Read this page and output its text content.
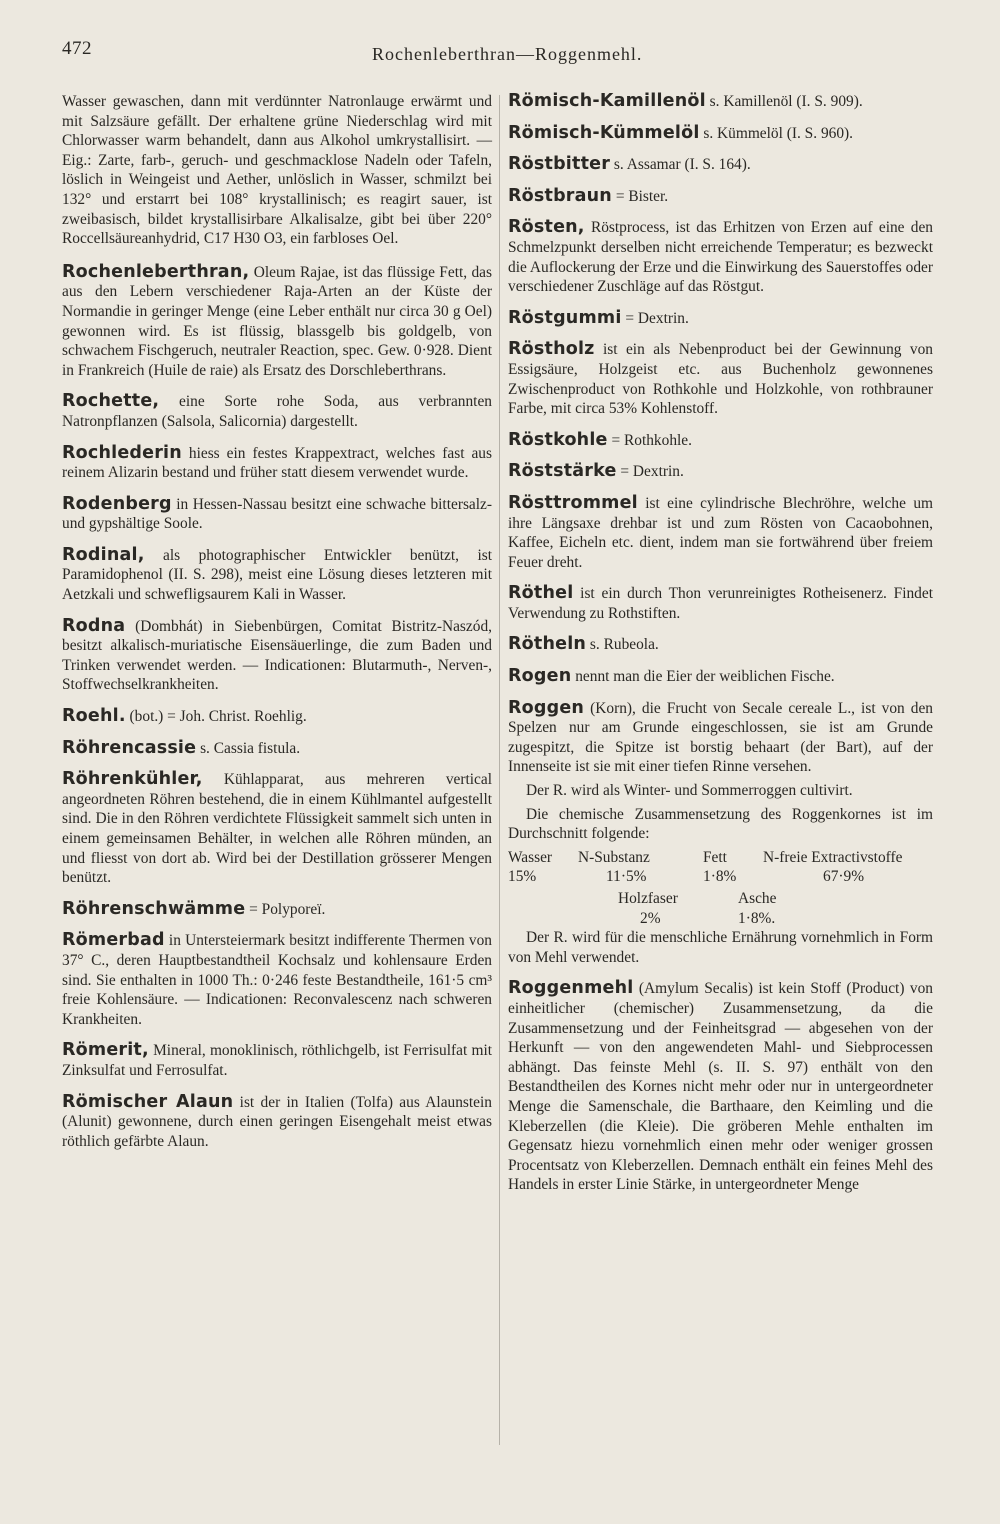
472	Rochenleberthran—Roggenmehl.

Wasser gewaschen, dann mit verdünnter Natronlauge erwärmt und mit Salzsäure gefällt. Der erhaltene grüne Niederschlag wird mit Chlorwasser warm behandelt, dann aus Alkohol umkrystallisirt. — Eig.: Zarte, farb-, geruch- und geschmacklose Nadeln oder Tafeln, löslich in Weingeist und Aether, unlöslich in Wasser, schmilzt bei 132° und erstarrt bei 108° krystallinisch; es reagirt sauer, ist zweibasisch, bildet krystallisirbare Alkalisalze, gibt bei über 220° Roccellsäureanhydrid, C17 H30 O3, ein farbloses Oel.

Rochenleberthran, Oleum Rajae, ist das flüssige Fett, das aus den Lebern verschiedener Raja-Arten an der Küste der Normandie in geringer Menge (eine Leber enthält nur circa 30 g Oel) gewonnen wird. Es ist flüssig, blassgelb bis goldgelb, von schwachem Fischgeruch, neutraler Reaction, spec. Gew. 0·928. Dient in Frankreich (Huile de raie) als Ersatz des Dorschleberthrans.

Rochette, eine Sorte rohe Soda, aus verbrannten Natronpflanzen (Salsola, Salicornia) dargestellt.

Rochlederin hiess ein festes Krappextract, welches fast aus reinem Alizarin bestand und früher statt diesem verwendet wurde.

Rodenberg in Hessen-Nassau besitzt eine schwache bittersalz- und gypshältige Soole.

Rodinal, als photographischer Entwickler benützt, ist Paramidophenol (II. S. 298), meist eine Lösung dieses letzteren mit Aetzkali und schwefligsaurem Kali in Wasser.

Rodna (Dombhát) in Siebenbürgen, Comitat Bistritz-Naszód, besitzt alkalisch-muriatische Eisensäuerlinge, die zum Baden und Trinken verwendet werden. — Indicationen: Blutarmuth-, Nerven-, Stoffwechselkrankheiten.

Roehl. (bot.) = Joh. Christ. Roehlig.

Röhrencassie s. Cassia fistula.

Röhrenkühler, Kühlapparat, aus mehreren vertical angeordneten Röhren bestehend, die in einem Kühlmantel aufgestellt sind. Die in den Röhren verdichtete Flüssigkeit sammelt sich unten in einem gemeinsamen Behälter, in welchen alle Röhren münden, an und fliesst von dort ab. Wird bei der Destillation grösserer Mengen benützt.

Röhrenschwämme = Polyporeï.

Römerbad in Untersteiermark besitzt indifferente Thermen von 37° C., deren Hauptbestandtheil Kochsalz und kohlensaure Erden sind. Sie enthalten in 1000 Th.: 0·246 feste Bestandtheile, 161·5 cm³ freie Kohlensäure. — Indicationen: Reconvalescenz nach schweren Krankheiten.

Römerit, Mineral, monoklinisch, röthlichgelb, ist Ferrisulfat mit Zinksulfat und Ferrosulfat.

Römischer Alaun ist der in Italien (Tolfa) aus Alaunstein (Alunit) gewonnene, durch einen geringen Eisengehalt meist etwas röthlich gefärbte Alaun.

Römisch-Kamillenöl s. Kamillenöl (I. S. 909).

Römisch-Kümmelöl s. Kümmelöl (I. S. 960).

Röstbitter s. Assamar (I. S. 164).

Röstbraun = Bister.

Rösten, Röstprocess, ist das Erhitzen von Erzen auf eine den Schmelzpunkt derselben nicht erreichende Temperatur; es bezweckt die Auflockerung der Erze und die Einwirkung des Sauerstoffes oder verschiedener Zuschläge auf das Röstgut.

Röstgummi = Dextrin.

Röstholz ist ein als Nebenproduct bei der Gewinnung von Essigsäure, Holzgeist etc. aus Buchenholz gewonnenes Zwischenproduct von Rothkohle und Holzkohle, von rothbrauner Farbe, mit circa 53% Kohlenstoff.

Röstkohle = Rothkohle.

Röststärke = Dextrin.

Rösttrommel ist eine cylindrische Blechröhre, welche um ihre Längsaxe drehbar ist und zum Rösten von Cacaobohnen, Kaffee, Eicheln etc. dient, indem man sie fortwährend über freiem Feuer dreht.

Röthel ist ein durch Thon verunreinigtes Rotheisenerz. Findet Verwendung zu Rothstiften.

Rötheln s. Rubeola.

Rogen nennt man die Eier der weiblichen Fische.

Roggen (Korn), die Frucht von Secale cereale L., ist von den Spelzen nur am Grunde eingeschlossen, sie ist am Grunde zugespitzt, die Spitze ist borstig behaart (der Bart), auf der Innenseite ist sie mit einer tiefen Rinne versehen.

Der R. wird als Winter- und Sommerroggen cultivirt.

Die chemische Zusammensetzung des Roggenkornes ist im Durchschnitt folgende:

Wasser	N-Substanz	Fett	N-freie Extractivstoffe
15%	11·5%	1·8%	67·9%
Holzfaser	Asche
2%	1·8%.

Der R. wird für die menschliche Ernährung vornehmlich in Form von Mehl verwendet.

Roggenmehl (Amylum Secalis) ist kein Stoff (Product) von einheitlicher (chemischer) Zusammensetzung, da die Zusammensetzung und der Feinheitsgrad — abgesehen von der Herkunft — von den angewendeten Mahl- und Siebprocessen abhängt. Das feinste Mehl (s. II. S. 97) enthält von den Bestandtheilen des Kornes nicht mehr oder nur in untergeordneter Menge die Samenschale, die Barthaare, den Keimling und die Kleberzellen (die Kleie). Die gröberen Mehle enthalten im Gegensatz hiezu vornehmlich einen mehr oder weniger grossen Procentsatz von Kleberzellen. Demnach enthält ein feines Mehl des Handels in erster Linie Stärke, in untergeordneter Menge
